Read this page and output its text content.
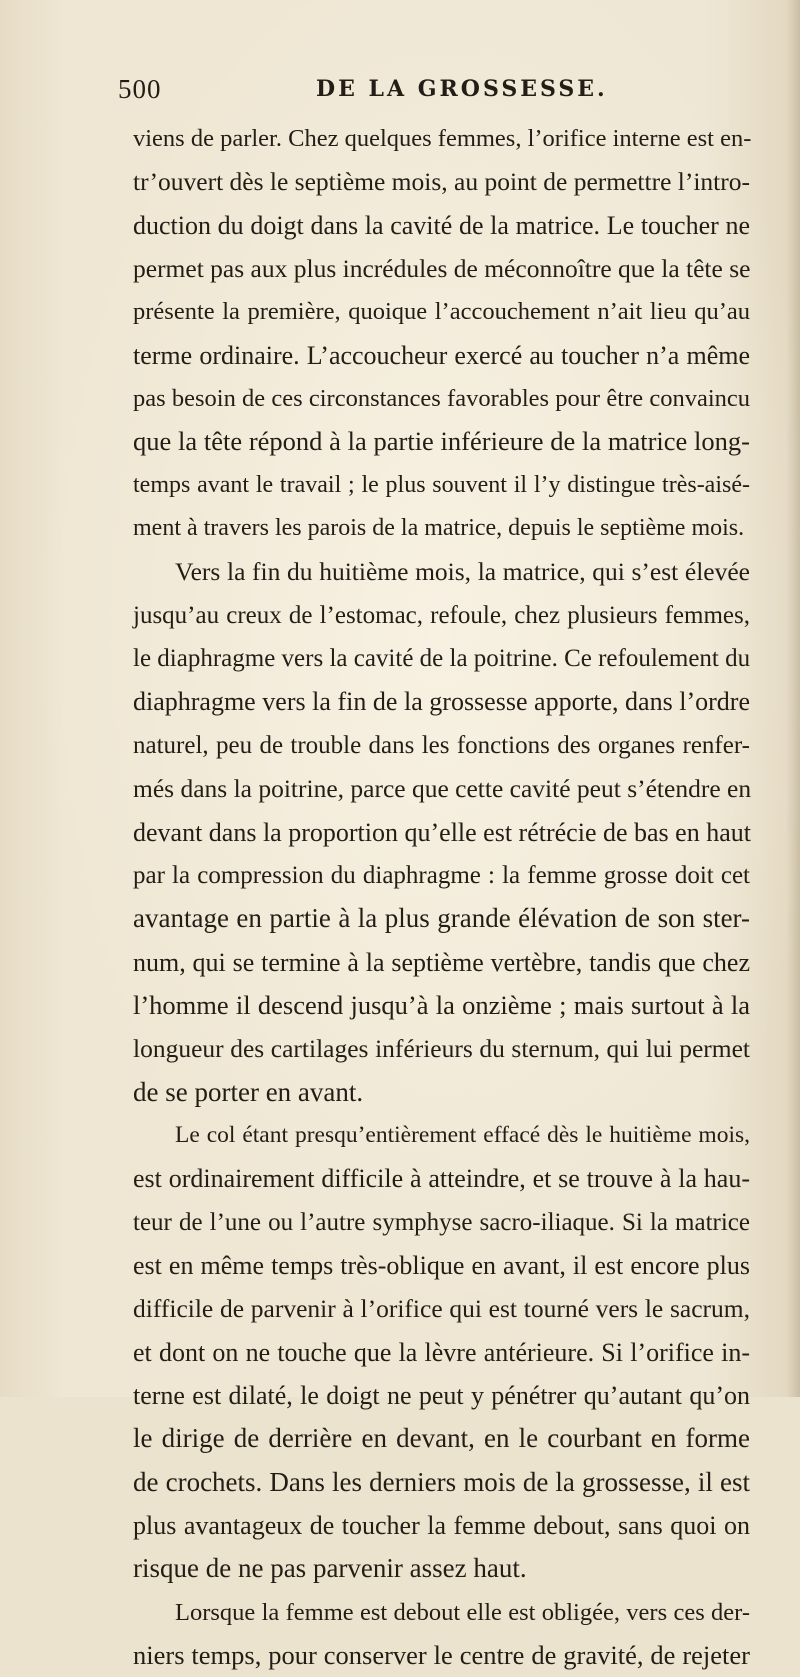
500	DE LA GROSSESSE.
viens de parler. Chez quelques femmes, l’orifice interne est en-
tr’ouvert dès le septième mois, au point de permettre l’intro-
duction du doigt dans la cavité de la matrice. Le toucher ne
permet pas aux plus incrédules de méconnoître que la tête se
présente la première, quoique l’accouchement n’ait lieu qu’au
terme ordinaire. L’accoucheur exercé au toucher n’a même
pas besoin de ces circonstances favorables pour être convaincu
que la tête répond à la partie inférieure de la matrice long-
temps avant le travail ; le plus souvent il l’y distingue très-aisé-
ment à travers les parois de la matrice, depuis le septième mois.
Vers la fin du huitième mois, la matrice, qui s’est élevée
jusqu’au creux de l’estomac, refoule, chez plusieurs femmes,
le diaphragme vers la cavité de la poitrine. Ce refoulement du
diaphragme vers la fin de la grossesse apporte, dans l’ordre
naturel, peu de trouble dans les fonctions des organes renfer-
més dans la poitrine, parce que cette cavité peut s’étendre en
devant dans la proportion qu’elle est rétrécie de bas en haut
par la compression du diaphragme : la femme grosse doit cet
avantage en partie à la plus grande élévation de son ster-
num, qui se termine à la septième vertèbre, tandis que chez
l’homme il descend jusqu’à la onzième ; mais surtout à la
longueur des cartilages inférieurs du sternum, qui lui permet
de se porter en avant.
Le col étant presqu’entièrement effacé dès le huitième mois,
est ordinairement difficile à atteindre, et se trouve à la hau-
teur de l’une ou l’autre symphyse sacro-iliaque. Si la matrice
est en même temps très-oblique en avant, il est encore plus
difficile de parvenir à l’orifice qui est tourné vers le sacrum,
et dont on ne touche que la lèvre antérieure. Si l’orifice in-
terne est dilaté, le doigt ne peut y pénétrer qu’autant qu’on
le dirige de derrière en devant, en le courbant en forme
de crochets. Dans les derniers mois de la grossesse, il est
plus avantageux de toucher la femme debout, sans quoi on
risque de ne pas parvenir assez haut.
Lorsque la femme est debout elle est obligée, vers ces der-
niers temps, pour conserver le centre de gravité, de rejeter
